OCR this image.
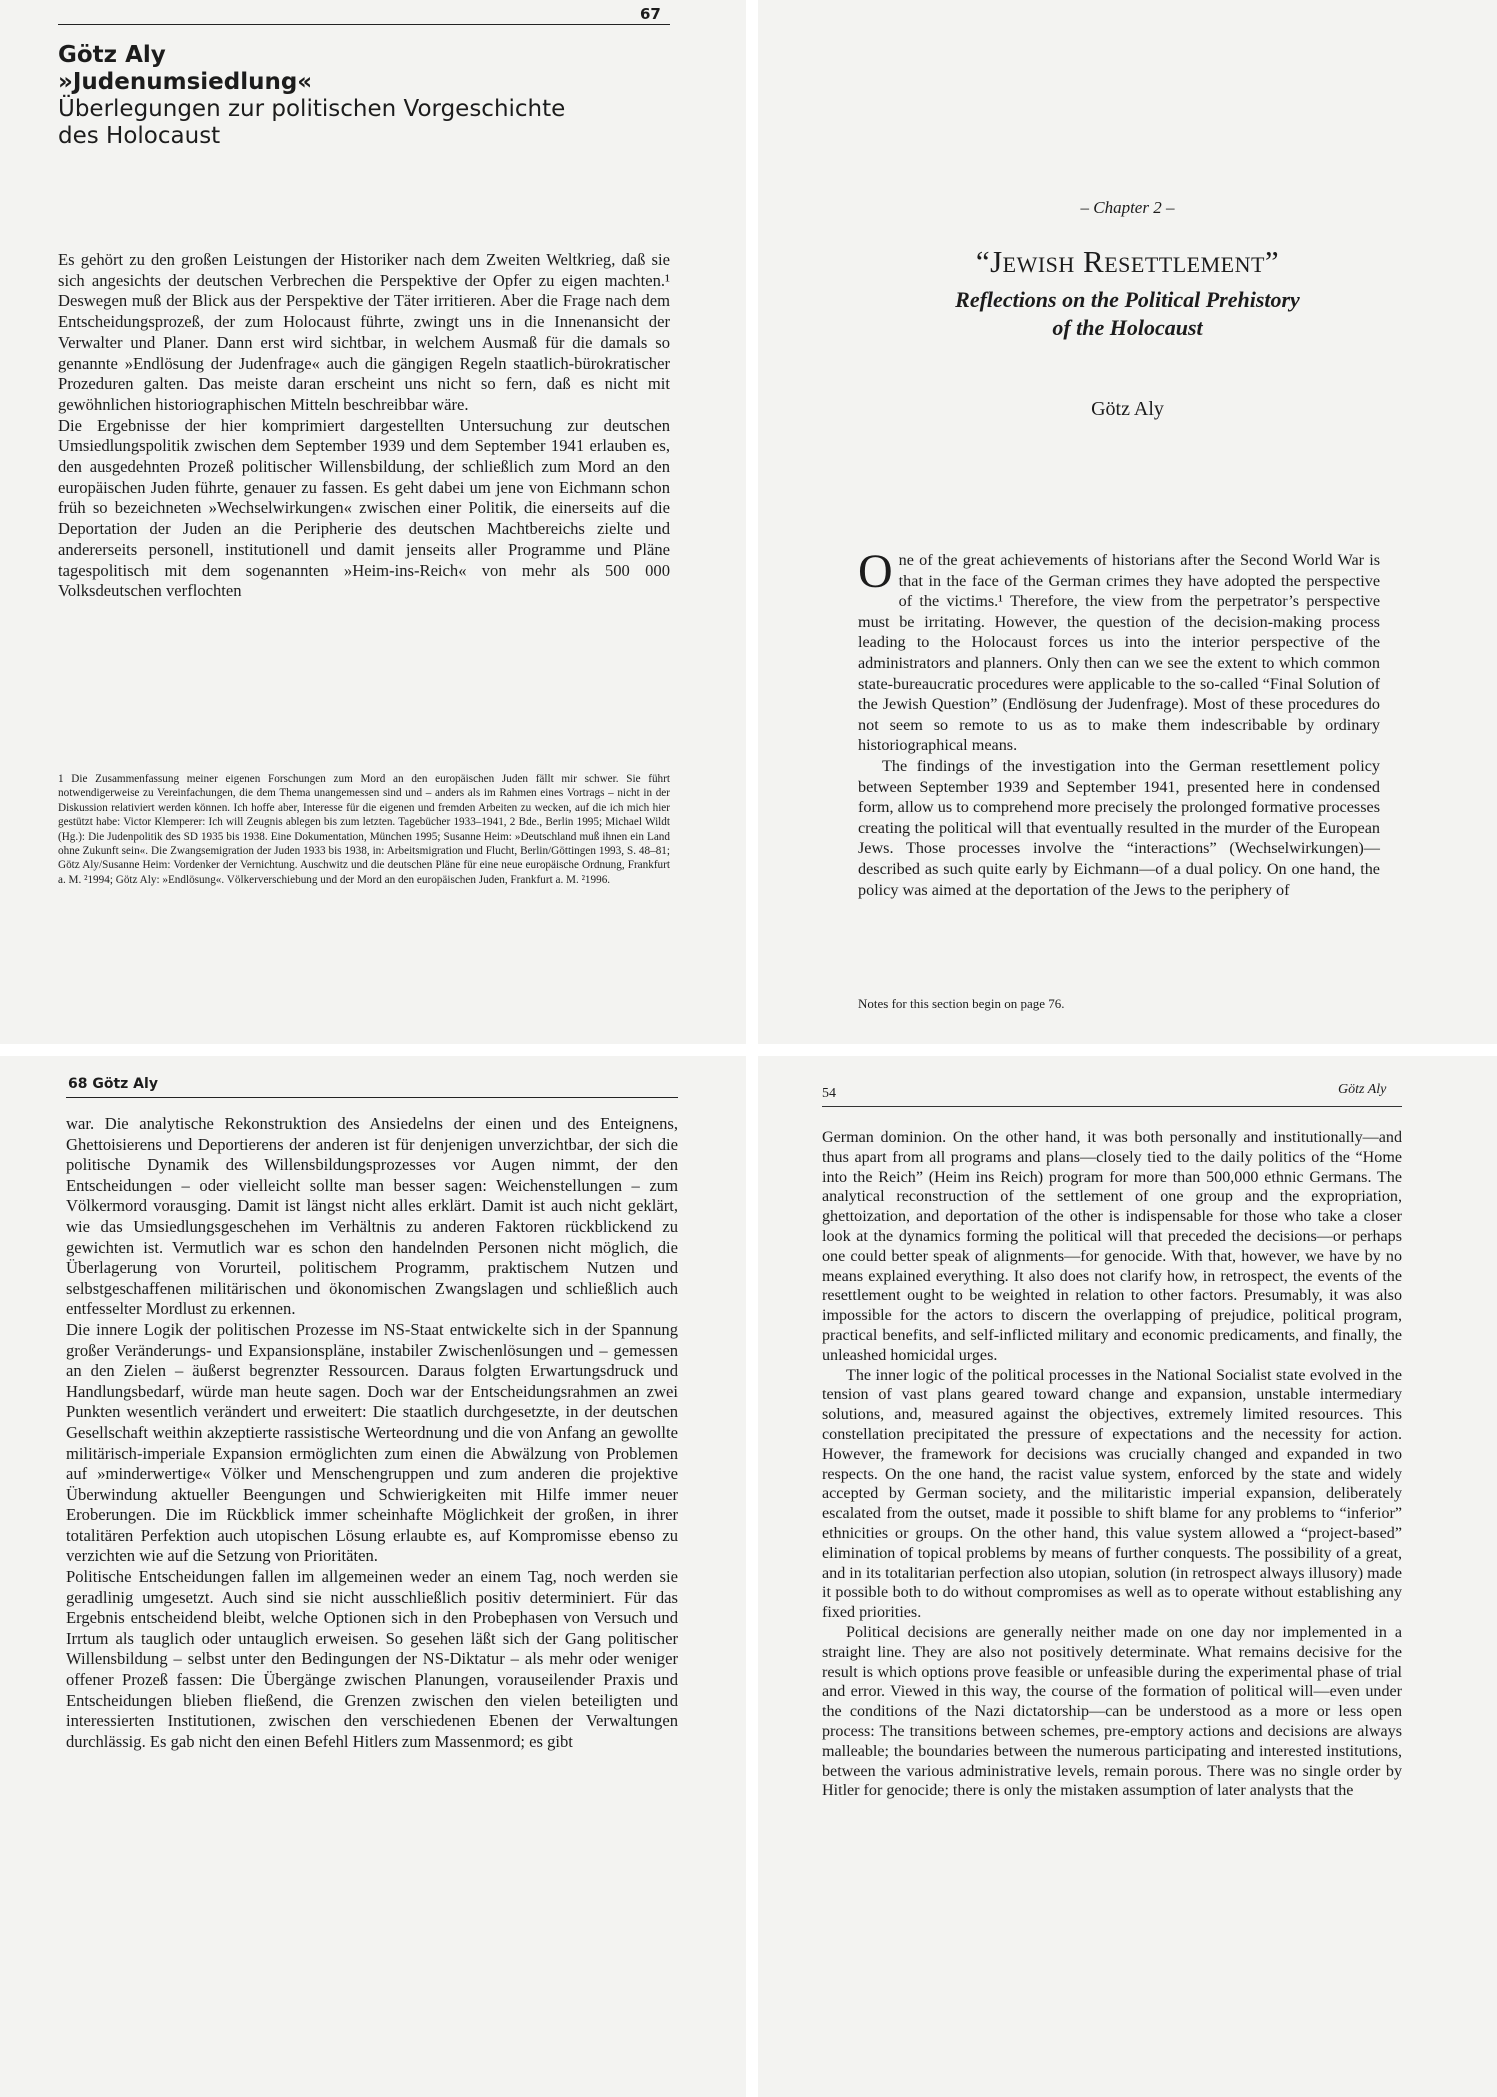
67
Götz Aly
»Judenumsiedlung«
Überlegungen zur politischen Vorgeschichte
des Holocaust

Es gehört zu den großen Leistungen der Historiker nach dem Zweiten Weltkrieg, daß sie sich angesichts der deutschen Verbrechen die Perspektive der Opfer zu eigen machten.¹ Deswegen muß der Blick aus der Perspektive der Täter irritieren. Aber die Frage nach dem Entscheidungsprozeß, der zum Holocaust führte, zwingt uns in die Innenansicht der Verwalter und Planer. Dann erst wird sichtbar, in welchem Ausmaß für die damals so genannte »Endlösung der Judenfrage« auch die gängigen Regeln staatlich-bürokratischer Prozeduren galten. Das meiste daran erscheint uns nicht so fern, daß es nicht mit gewöhnlichen historiographischen Mitteln beschreibbar wäre.

Die Ergebnisse der hier komprimiert dargestellten Untersuchung zur deutschen Umsiedlungspolitik zwischen dem September 1939 und dem September 1941 erlauben es, den ausgedehnten Prozeß politischer Willensbildung, der schließlich zum Mord an den europäischen Juden führte, genauer zu fassen. Es geht dabei um jene von Eichmann schon früh so bezeichneten »Wechselwirkungen« zwischen einer Politik, die einerseits auf die Deportation der Juden an die Peripherie des deutschen Machtbereichs zielte und andererseits personell, institutionell und damit jenseits aller Programme und Pläne tagespolitisch mit dem sogenannten »Heim-ins-Reich« von mehr als 500 000 Volksdeutschen verflochten

1 Die Zusammenfassung meiner eigenen Forschungen zum Mord an den europäischen Juden fällt mir schwer. Sie führt notwendigerweise zu Vereinfachungen, die dem Thema unangemessen sind und – anders als im Rahmen eines Vortrags – nicht in der Diskussion relativiert werden können. Ich hoffe aber, Interesse für die eigenen und fremden Arbeiten zu wecken, auf die ich mich hier gestützt habe: Victor Klemperer: Ich will Zeugnis ablegen bis zum letzten. Tagebücher 1933–1941, 2 Bde., Berlin 1995; Michael Wildt (Hg.): Die Judenpolitik des SD 1935 bis 1938. Eine Dokumentation, München 1995; Susanne Heim: »Deutschland muß ihnen ein Land ohne Zukunft sein«. Die Zwangsemigration der Juden 1933 bis 1938, in: Arbeitsmigration und Flucht, Berlin/Göttingen 1993, S. 48–81; Götz Aly/Susanne Heim: Vordenker der Vernichtung. Auschwitz und die deutschen Pläne für eine neue europäische Ordnung, Frankfurt a. M. ²1994; Götz Aly: »Endlösung«. Völkerverschiebung und der Mord an den europäischen Juden, Frankfurt a. M. ²1996.
– Chapter 2 –
“Jewish Resettlement”
Reflections on the Political Prehistory
of the Holocaust
Götz Aly

One of the great achievements of historians after the Second World War is that in the face of the German crimes they have adopted the perspective of the victims.¹ Therefore, the view from the perpetrator’s perspective must be irritating. However, the question of the decision-making process leading to the Holocaust forces us into the interior perspective of the administrators and planners. Only then can we see the extent to which common state-bureaucratic procedures were applicable to the so-called “Final Solution of the Jewish Question” (Endlösung der Judenfrage). Most of these procedures do not seem so remote to us as to make them indescribable by ordinary historiographical means.

The findings of the investigation into the German resettlement policy between September 1939 and September 1941, presented here in condensed form, allow us to comprehend more precisely the prolonged formative processes creating the political will that eventually resulted in the murder of the European Jews. Those processes involve the “interactions” (Wechselwirkungen)—described as such quite early by Eichmann—of a dual policy. On one hand, the policy was aimed at the deportation of the Jews to the periphery of

Notes for this section begin on page 76.
68 Götz Aly

war. Die analytische Rekonstruktion des Ansiedelns der einen und des Enteignens, Ghettoisierens und Deportierens der anderen ist für denjenigen unverzichtbar, der sich die politische Dynamik des Willensbildungsprozesses vor Augen nimmt, der den Entscheidungen – oder vielleicht sollte man besser sagen: Weichenstellungen – zum Völkermord vorausging. Damit ist längst nicht alles erklärt. Damit ist auch nicht geklärt, wie das Umsiedlungsgeschehen im Verhältnis zu anderen Faktoren rückblickend zu gewichten ist. Vermutlich war es schon den handelnden Personen nicht möglich, die Überlagerung von Vorurteil, politischem Programm, praktischem Nutzen und selbstgeschaffenen militärischen und ökonomischen Zwangslagen und schließlich auch entfesselter Mordlust zu erkennen.

Die innere Logik der politischen Prozesse im NS-Staat entwickelte sich in der Spannung großer Veränderungs- und Expansionspläne, instabiler Zwischenlösungen und – gemessen an den Zielen – äußerst begrenzter Ressourcen. Daraus folgten Erwartungsdruck und Handlungsbedarf, würde man heute sagen. Doch war der Entscheidungsrahmen an zwei Punkten wesentlich verändert und erweitert: Die staatlich durchgesetzte, in der deutschen Gesellschaft weithin akzeptierte rassistische Werteordnung und die von Anfang an gewollte militärisch-imperiale Expansion ermöglichten zum einen die Abwälzung von Problemen auf »minderwertige« Völker und Menschengruppen und zum anderen die projektive Überwindung aktueller Beengungen und Schwierigkeiten mit Hilfe immer neuer Eroberungen. Die im Rückblick immer scheinhafte Möglichkeit der großen, in ihrer totalitären Perfektion auch utopischen Lösung erlaubte es, auf Kompromisse ebenso zu verzichten wie auf die Setzung von Prioritäten.

Politische Entscheidungen fallen im allgemeinen weder an einem Tag, noch werden sie geradlinig umgesetzt. Auch sind sie nicht ausschließlich positiv determiniert. Für das Ergebnis entscheidend bleibt, welche Optionen sich in den Probephasen von Versuch und Irrtum als tauglich oder untauglich erweisen. So gesehen läßt sich der Gang politischer Willensbildung – selbst unter den Bedingungen der NS-Diktatur – als mehr oder weniger offener Prozeß fassen: Die Übergänge zwischen Planungen, vorauseilender Praxis und Entscheidungen blieben fließend, die Grenzen zwischen den vielen beteiligten und interessierten Institutionen, zwischen den verschiedenen Ebenen der Verwaltungen durchlässig. Es gab nicht den einen Befehl Hitlers zum Massenmord; es gibt

54	Götz Aly

German dominion. On the other hand, it was both personally and institutionally—and thus apart from all programs and plans—closely tied to the daily politics of the “Home into the Reich” (Heim ins Reich) program for more than 500,000 ethnic Germans. The analytical reconstruction of the settlement of one group and the expropriation, ghettoization, and deportation of the other is indispensable for those who take a closer look at the dynamics forming the political will that preceded the decisions—or perhaps one could better speak of alignments—for genocide. With that, however, we have by no means explained everything. It also does not clarify how, in retrospect, the events of the resettlement ought to be weighted in relation to other factors. Presumably, it was also impossible for the actors to discern the overlapping of prejudice, political program, practical benefits, and self-inflicted military and economic predicaments, and finally, the unleashed homicidal urges.

The inner logic of the political processes in the National Socialist state evolved in the tension of vast plans geared toward change and expansion, unstable intermediary solutions, and, measured against the objectives, extremely limited resources. This constellation precipitated the pressure of expectations and the necessity for action. However, the framework for decisions was crucially changed and expanded in two respects. On the one hand, the racist value system, enforced by the state and widely accepted by German society, and the militaristic imperial expansion, deliberately escalated from the outset, made it possible to shift blame for any problems to “inferior” ethnicities or groups. On the other hand, this value system allowed a “project-based” elimination of topical problems by means of further conquests. The possibility of a great, and in its totalitarian perfection also utopian, solution (in retrospect always illusory) made it possible both to do without compromises as well as to operate without establishing any fixed priorities.

Political decisions are generally neither made on one day nor implemented in a straight line. They are also not positively determinate. What remains decisive for the result is which options prove feasible or unfeasible during the experimental phase of trial and error. Viewed in this way, the course of the formation of political will—even under the conditions of the Nazi dictatorship—can be understood as a more or less open process: The transitions between schemes, pre-emptory actions and decisions are always malleable; the boundaries between the numerous participating and interested institutions, between the various administrative levels, remain porous. There was no single order by Hitler for genocide; there is only the mistaken assumption of later analysts that the
